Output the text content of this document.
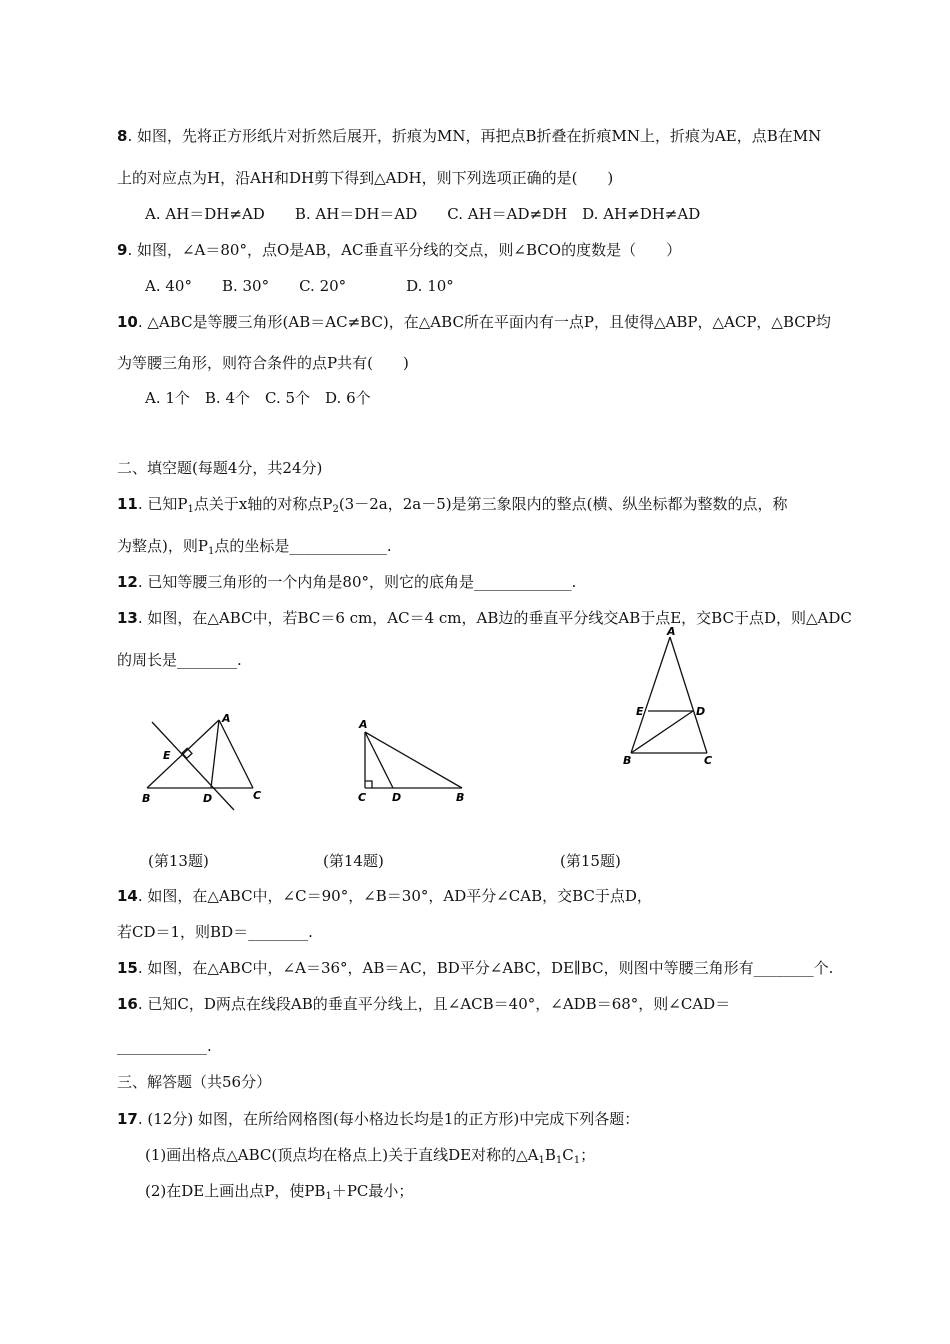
8. 如图，先将正方形纸片对折然后展开，折痕为MN，再把点B折叠在折痕MN上，折痕为AE，点B在MN
上的对应点为H，沿AH和DH剪下得到△ADH，则下列选项正确的是(　　)
A. AH＝DH≠AD　　B. AH＝DH＝AD　　C. AH＝AD≠DH　D. AH≠DH≠AD
9. 如图，∠A＝80°，点O是AB，AC垂直平分线的交点，则∠BCO的度数是（　　）
A. 40°　　B. 30°　　C. 20°　　　　D. 10°
10. △ABC是等腰三角形(AB＝AC≠BC)，在△ABC所在平面内有一点P，且使得△ABP，△ACP，△BCP均
为等腰三角形，则符合条件的点P共有(　　)
A. 1个　B. 4个　C. 5个　D. 6个
二、填空题(每题4分，共24分)
11. 已知$P_1$点关于x轴的对称点$P_2(3-2a$，2a－5)是第三象限内的整点(横、纵坐标都为整数的点，称
为整点)，则$P_1$点的坐标是_____________.
12. 已知等腰三角形的一个内角是80°，则它的底角是_____________.
13. 如图，在△ABC中，若BC＝6 cm，AC＝4 cm，AB边的垂直平分线交AB于点E，交BC于点D，则△ADC
的周长是________.
A
E
B	D	C
A
C D	B
A
E	D
B	C
(第13题)	(第14题)	(第15题)
14. 如图，在△ABC中，∠C＝90°，∠B＝30°，AD平分∠CAB，交BC于点D，
若CD＝1，则BD＝________.
15. 如图，在△ABC中，∠A＝36°，AB＝AC，BD平分∠ABC，DE∥BC，则图中等腰三角形有________个.
16. 已知C，D两点在线段AB的垂直平分线上，且∠ACB＝40°，∠ADB＝68°，则∠CAD＝
____________.
三、解答题（共56分）
17. (12分) 如图，在所给网格图(每小格边长均是1的正方形)中完成下列各题：
(1)画出格点△ABC(顶点均在格点上)关于直线DE对称的$\triangle A_1B_1C_1$；
(2)在DE上画出点P，使$PB_1+PC$最小；
